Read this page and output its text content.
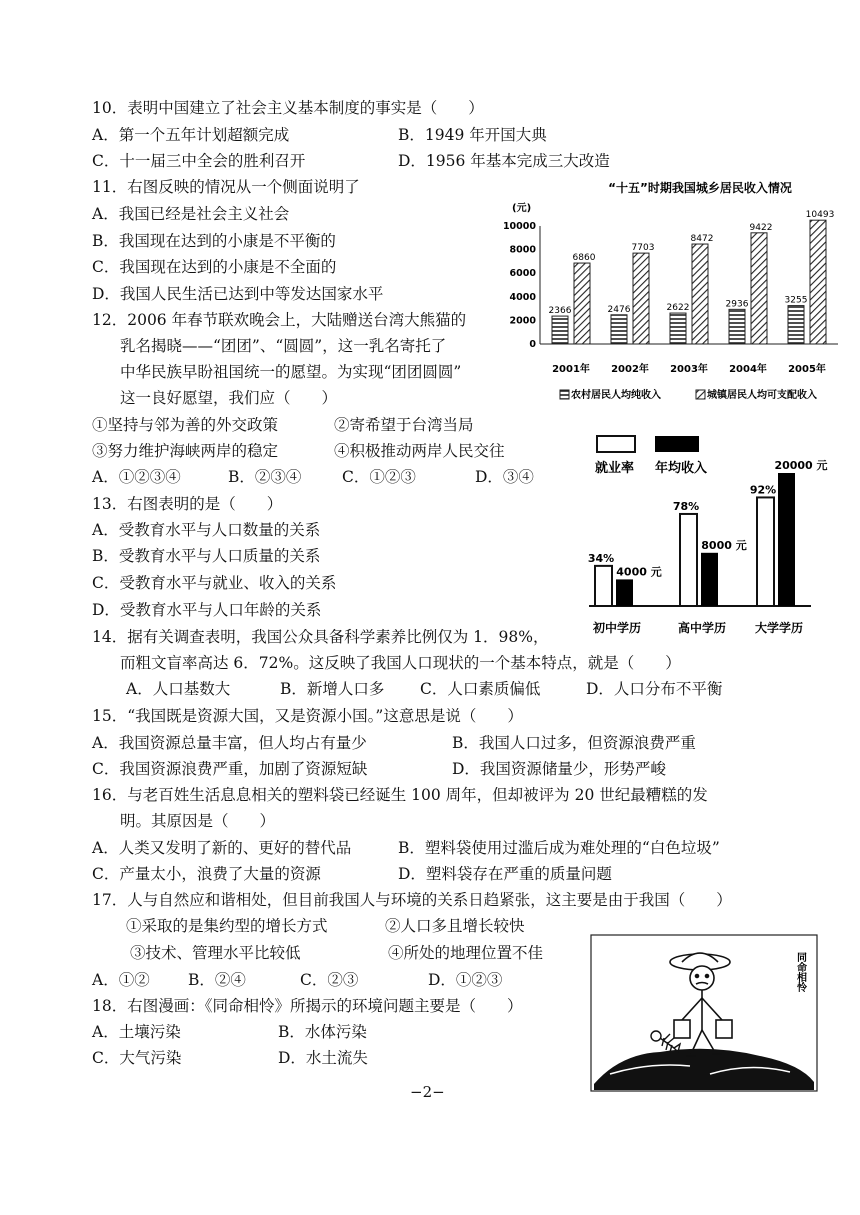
10．表明中国建立了社会主义基本制度的事实是（　　）
A．第一个五年计划超额完成	B．1949 年开国大典
C．十一届三中全会的胜利召开	D．1956 年基本完成三大改造
11．右图反映的情况从一个侧面说明了
A．我国已经是社会主义社会
B．我国现在达到的小康是不平衡的
C．我国现在达到的小康是不全面的
D．我国人民生活已达到中等发达国家水平
12．2006 年春节联欢晚会上，大陆赠送台湾大熊猫的
乳名揭晓——“团团”、“圆圆”，这一乳名寄托了
中华民族早盼祖国统一的愿望。为实现“团团圆圆”
这一良好愿望，我们应（　　）
①坚持与邻为善的外交政策	②寄希望于台湾当局
③努力维护海峡两岸的稳定	④积极推动两岸人民交往
A．①②③④	B．②③④	C．①②③	D．③④
13．右图表明的是（　　）
A．受教育水平与人口数量的关系
B．受教育水平与人口质量的关系
C．受教育水平与就业、收入的关系
D．受教育水平与人口年龄的关系
14．据有关调查表明，我国公众具备科学素养比例仅为 1．98%，
而粗文盲率高达 6．72%。这反映了我国人口现状的一个基本特点，就是（　　）
A．人口基数大	B．新增人口多 C．人口素质偏低	D．人口分布不平衡
15．“我国既是资源大国，又是资源小国。”这意思是说（　　）
A．我国资源总量丰富，但人均占有量少	B．我国人口过多，但资源浪费严重
C．我国资源浪费严重，加剧了资源短缺	D．我国资源储量少，形势严峻
16．与老百姓生活息息相关的塑料袋已经诞生 100 周年，但却被评为 20 世纪最糟糕的发
明。其原因是（　　）
A．人类又发明了新的、更好的替代品	B．塑料袋使用过滥后成为难处理的“白色垃圾”
C．产量太小，浪费了大量的资源	D．塑料袋存在严重的质量问题
17．人与自然应和谐相处，但目前我国人与环境的关系日趋紧张，这主要是由于我国（　　）
①采取的是集约型的增长方式	②人口多且增长较快
③技术、管理水平比较低	④所处的地理位置不佳
A．①② B．②④	C．②③	D．①②③
18．右图漫画：《同命相怜》所揭示的环境问题主要是（　　）
A．土壤污染	B．水体污染
C．大气污染	D．水土流失
−2−
“十五”时期我国城乡居民收入情况
(元)
10000
8000
6000
4000
2000
0
2366
6860
2476
7703
2622
8472
2936
9422
3255
10493
2001年 2002年 2003年 2004年 2005年
农村居民人均纯收入	城镇居民人均可支配收入
就业率 年均收入
34%
4000 元
78%
8000 元
92%
20000 元
初中学历	高中学历 大学学历
同命相怜
